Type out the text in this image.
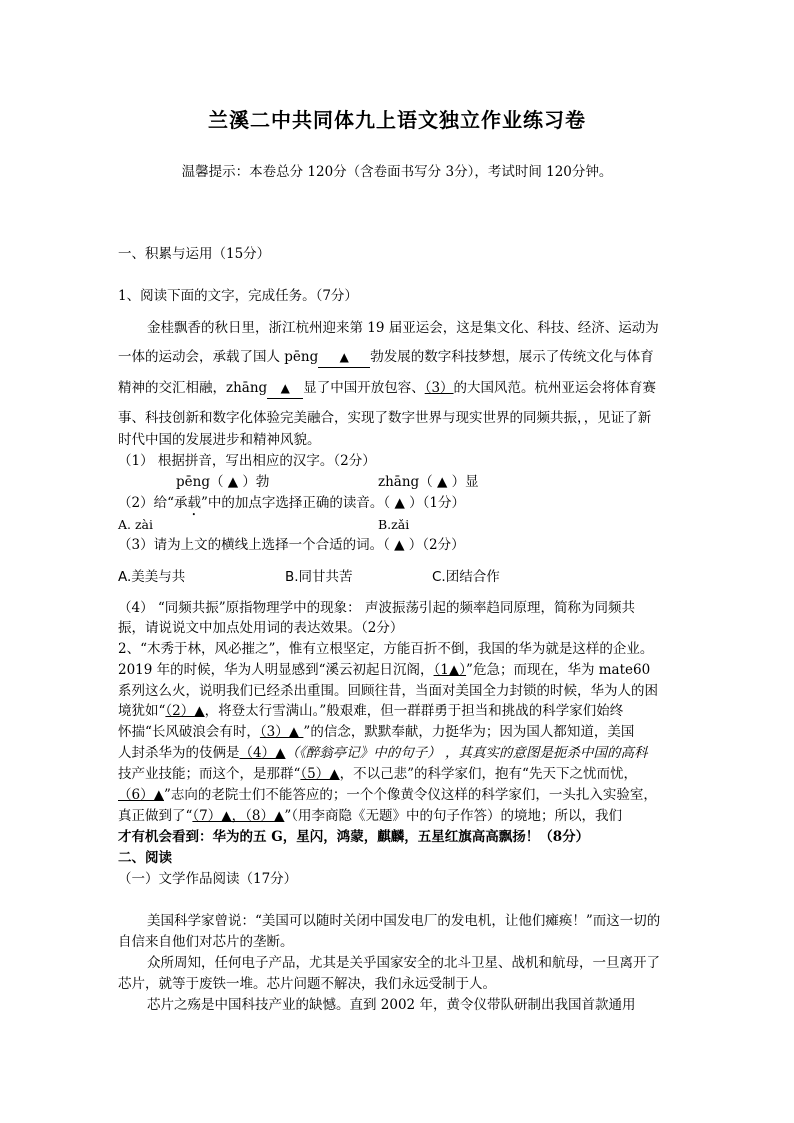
兰溪二中共同体九上语文独立作业练习卷
温馨提示：本卷总分 120分（含卷面书写分 3分），考试时间 120分钟。
一、积累与运用（15分）
1、阅读下面的文字，完成任务。（7分）
金桂飘香的秋日里，浙江杭州迎来第 19 届亚运会，这是集文化、科技、经济、运动为
一体的运动会，承载了国人 pēng ▲ 勃发展的数字科技梦想，展示了传统文化与体育
精神的交汇相融，zhāng ▲ 显了中国开放包容、（3）的大国风范。杭州亚运会将体育赛
事、科技创新和数字化体验完美融合，实现了数字世界与现实世界的同频共振，，见证了新
时代中国的发展进步和精神风貌。
（1） 根据拼音，写出相应的汉字。（2分）
pēng（ ▲ ）勃	zhāng（ ▲ ）显
（2）给“承载”中的加点字选择正确的读音。（ ▲ ）（1分）
A. zài	B.zǎi
（3）请为上文的横线上选择一个合适的词。（ ▲ ）（2分）
A.美美与共	B.同甘共苦	C.团结合作
（4） “同频共振”原指物理学中的现象： 声波振荡引起的频率趋同原理，简称为同频共
振，请说说文中加点处用词的表达效果。（2分）
2、“木秀于林，风必摧之”，惟有立根坚定，方能百折不倒，我国的华为就是这样的企业。
2019 年的时候，华为人明显感到“溪云初起日沉阁，（1▲）”危急；而现在，华为 mate60
系列这么火，说明我们已经杀出重围。回顾往昔，当面对美国全力封锁的时候，华为人的困
境犹如“（2）▲，将登太行雪满山。”般艰难，但一群群勇于担当和挑战的科学家们始终
怀揣“长风破浪会有时，（3）▲ ”的信念，默默奉献，力挺华为；因为国人都知道，美国
人封杀华为的伎俩是（4）▲（《醉翁亭记》中的句子） ，其真实的意图是扼杀中国的高科
技产业技能；而这个，是那群“（5）▲，不以己悲”的科学家们，抱有“先天下之忧而忧，
（6）▲”志向的老院士们不能答应的；一个个像黄令仪这样的科学家们，一头扎入实验室，
真正做到了“（7）▲，（8）▲”（用李商隐《无题》中的句子作答）的境地；所以，我们
才有机会看到：华为的五 G，星闪，鸿蒙，麒麟，五星红旗高高飘扬！（8分）
二、阅读
（一）文学作品阅读（17分）
美国科学家曾说：“美国可以随时关闭中国发电厂的发电机，让他们瘫痪！”而这一切的
自信来自他们对芯片的垄断。
众所周知，任何电子产品，尤其是关乎国家安全的北斗卫星、战机和航母，一旦离开了
芯片，就等于废铁一堆。芯片问题不解决，我们永远受制于人。
芯片之殇是中国科技产业的缺憾。直到 2002 年，黄令仪带队研制出我国首款通用
